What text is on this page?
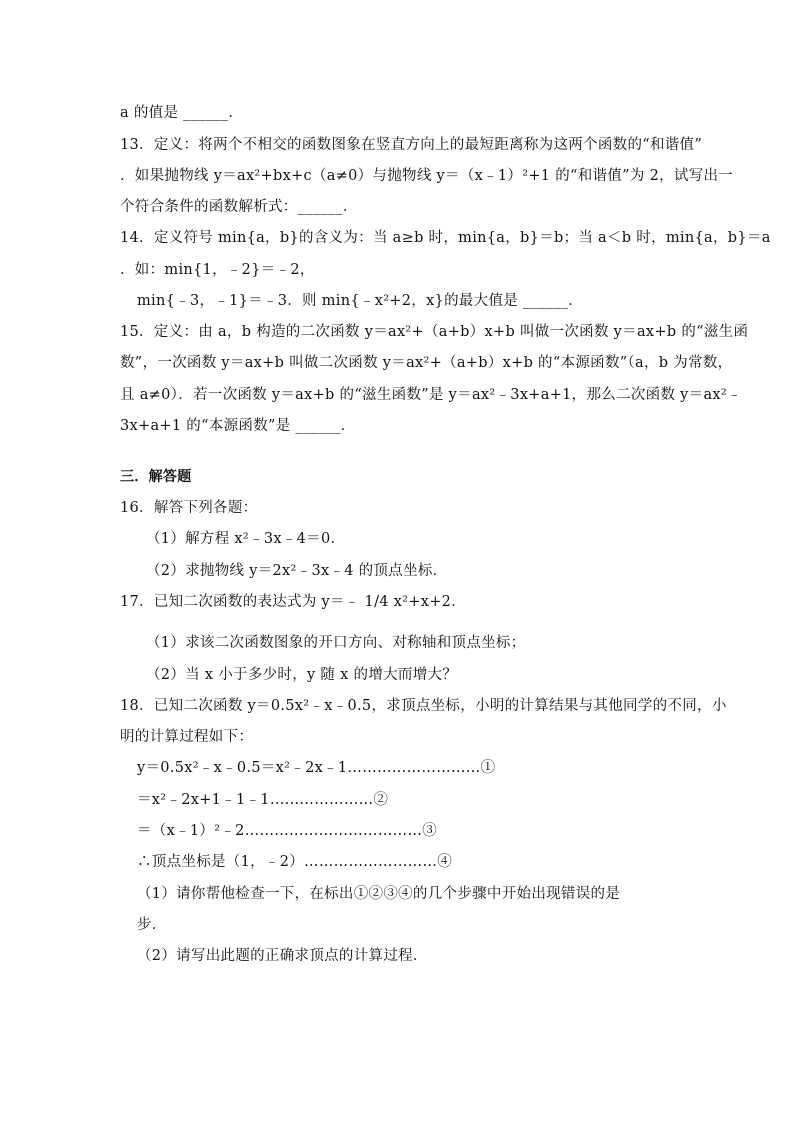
a 的值是 ______．
13．定义：将两个不相交的函数图象在竖直方向上的最短距离称为这两个函数的“和谐值”
．如果抛物线 y＝ax²+bx+c（a≠0）与抛物线 y＝（x﹣1）²+1 的“和谐值”为 2，试写出一
个符合条件的函数解析式：______．
14．定义符号 min{a，b}的含义为：当 a≥b 时，min{a，b}＝b；当 a＜b 时，min{a，b}＝a
．如：min{1，﹣2}＝﹣2，
min{﹣3，﹣1}＝﹣3．则 min{﹣x²+2，x}的最大值是 ______．
15．定义：由 a，b 构造的二次函数 y＝ax²+（a+b）x+b 叫做一次函数 y＝ax+b 的“滋生函
数”，一次函数 y＝ax+b 叫做二次函数 y＝ax²+（a+b）x+b 的“本源函数”（a，b 为常数，
且 a≠0）．若一次函数 y＝ax+b 的“滋生函数”是 y＝ax²﹣3x+a+1，那么二次函数 y＝ax²﹣
3x+a+1 的“本源函数”是 ______．
三．解答题
16．解答下列各题：
（1）解方程 x²﹣3x﹣4＝0．
（2）求抛物线 y＝2x²﹣3x﹣4 的顶点坐标．
17．已知二次函数的表达式为 y＝﹣ 1/4 x²+x+2．
（1）求该二次函数图象的开口方向、对称轴和顶点坐标；
（2）当 x 小于多少时，y 随 x 的增大而增大？
18．已知二次函数 y＝0.5x²﹣x﹣0.5，求顶点坐标，小明的计算结果与其他同学的不同，小
明的计算过程如下：
y＝0.5x²﹣x﹣0.5＝x²﹣2x﹣1………………………①
＝x²﹣2x+1﹣1﹣1…………………②
＝（x﹣1）²﹣2………………………………③
∴顶点坐标是（1，﹣2）………………………④
（1）请你帮他检查一下，在标出①②③④的几个步骤中开始出现错误的是
步．
（2）请写出此题的正确求顶点的计算过程．
